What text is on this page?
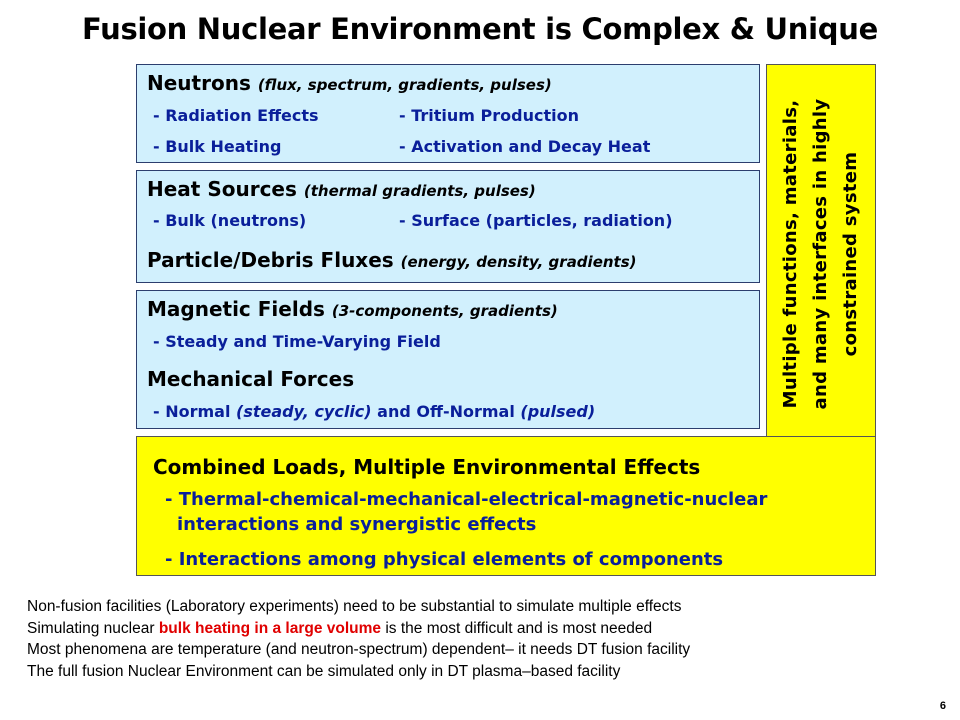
Fusion Nuclear Environment is Complex & Unique
Combined Loads, Multiple Environmental Effects
- Thermal-chemical-mechanical-electrical-magnetic-nuclear
interactions and synergistic effects
- Interactions among physical elements of components
Multiple functions, materials, and many interfaces in highly constrained system
Neutrons (flux, spectrum, gradients, pulses)
- Radiation Effects	- Tritium Production
- Bulk Heating	- Activation and Decay Heat
Heat Sources (thermal gradients, pulses)
- Bulk (neutrons)	- Surface (particles, radiation)
Particle/Debris Fluxes (energy, density, gradients)
Magnetic Fields (3-components, gradients)
- Steady and Time-Varying Field
Mechanical Forces
- Normal (steady, cyclic) and Off-Normal (pulsed)
Non-fusion facilities (Laboratory experiments) need to be substantial to simulate multiple effects
Simulating nuclear bulk heating in a large volume is the most difficult and is most needed
Most phenomena are temperature (and neutron-spectrum) dependent– it needs DT fusion facility
The full fusion Nuclear Environment can be simulated only in DT plasma–based facility
6
